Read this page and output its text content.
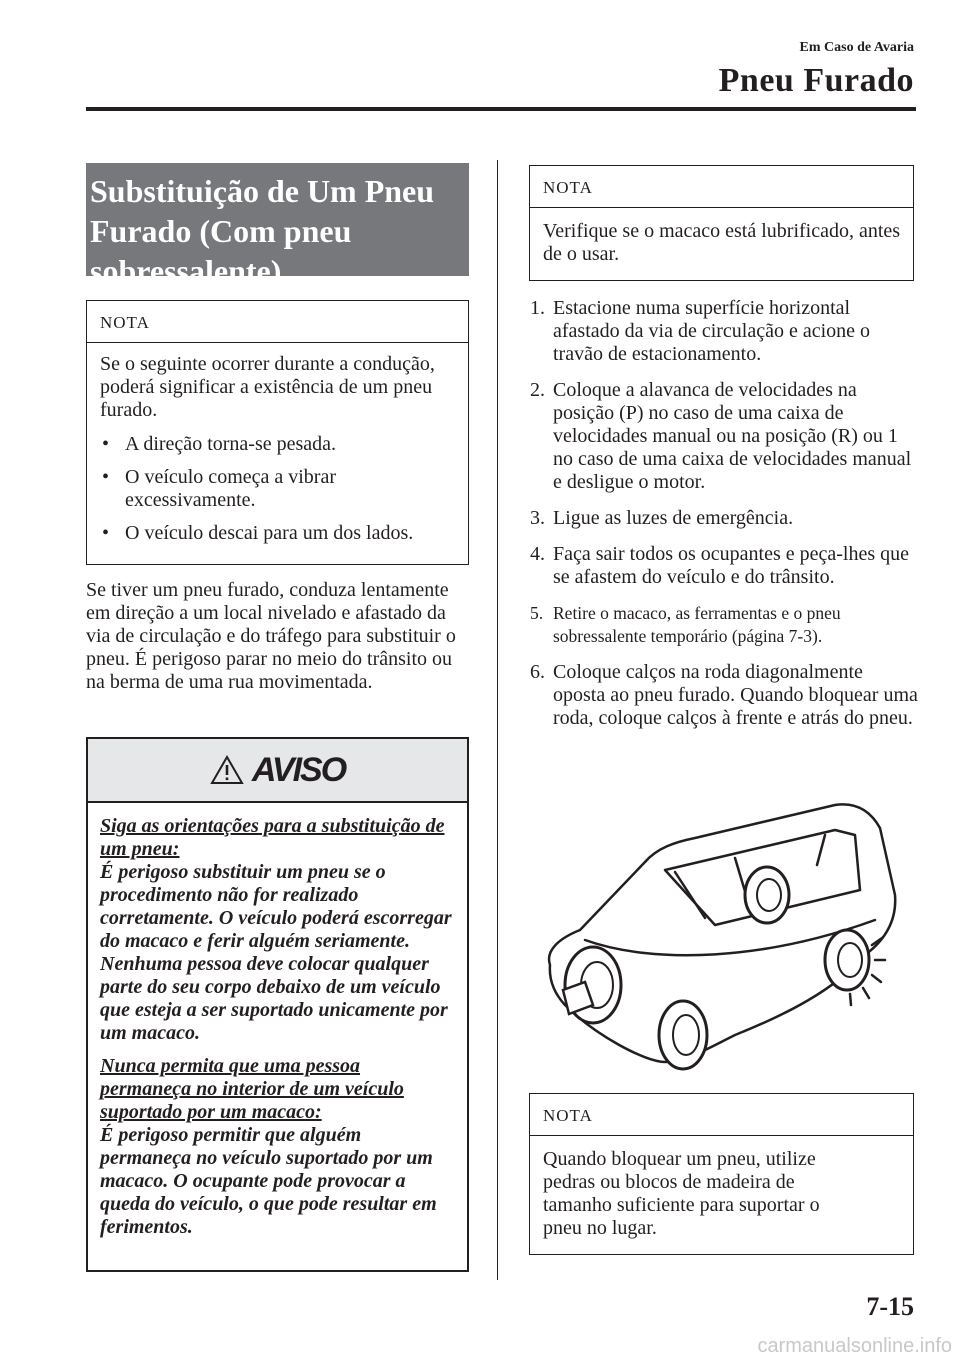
Em Caso de Avaria
Pneu Furado
Substituição de Um Pneu
Furado (Com pneu
sobressalente)
NOTA

Se o seguinte ocorrer durante a condução, poderá significar a existência de um pneu furado.

• A direção torna-se pesada.
• O veículo começa a vibrar excessivamente.
• O veículo descai para um dos lados.
Se tiver um pneu furado, conduza lentamente em direção a um local nivelado e afastado da via de circulação e do tráfego para substituir o pneu. É perigoso parar no meio do trânsito ou na berma de uma rua movimentada.
AVISO

Siga as orientações para a substituição de um pneu:
É perigoso substituir um pneu se o procedimento não for realizado corretamente. O veículo poderá escorregar do macaco e ferir alguém seriamente. Nenhuma pessoa deve colocar qualquer parte do seu corpo debaixo de um veículo que esteja a ser suportado unicamente por um macaco.

Nunca permita que uma pessoa permaneça no interior de um veículo suportado por um macaco:
É perigoso permitir que alguém permaneça no veículo suportado por um macaco. O ocupante pode provocar a queda do veículo, o que pode resultar em ferimentos.

NOTA
Verifique se o macaco está lubrificado, antes de o usar.
1. Estacione numa superfície horizontal afastado da via de circulação e acione o travão de estacionamento.
2. Coloque a alavanca de velocidades na posição (P) no caso de uma caixa de velocidades manual ou na posição (R) ou 1 no caso de uma caixa de velocidades manual e desligue o motor.
3. Ligue as luzes de emergência.
4. Faça sair todos os ocupantes e peça-lhes que se afastem do veículo e do trânsito.
5. Retire o macaco, as ferramentas e o pneu sobressalente temporário (página 7-3).
6. Coloque calços na roda diagonalmente oposta ao pneu furado. Quando bloquear uma roda, coloque calços à frente e atrás do pneu.
NOTA
Quando bloquear um pneu, utilize pedras ou blocos de madeira de tamanho suficiente para suportar o pneu no lugar.
7-15
carmanualsonline.info
